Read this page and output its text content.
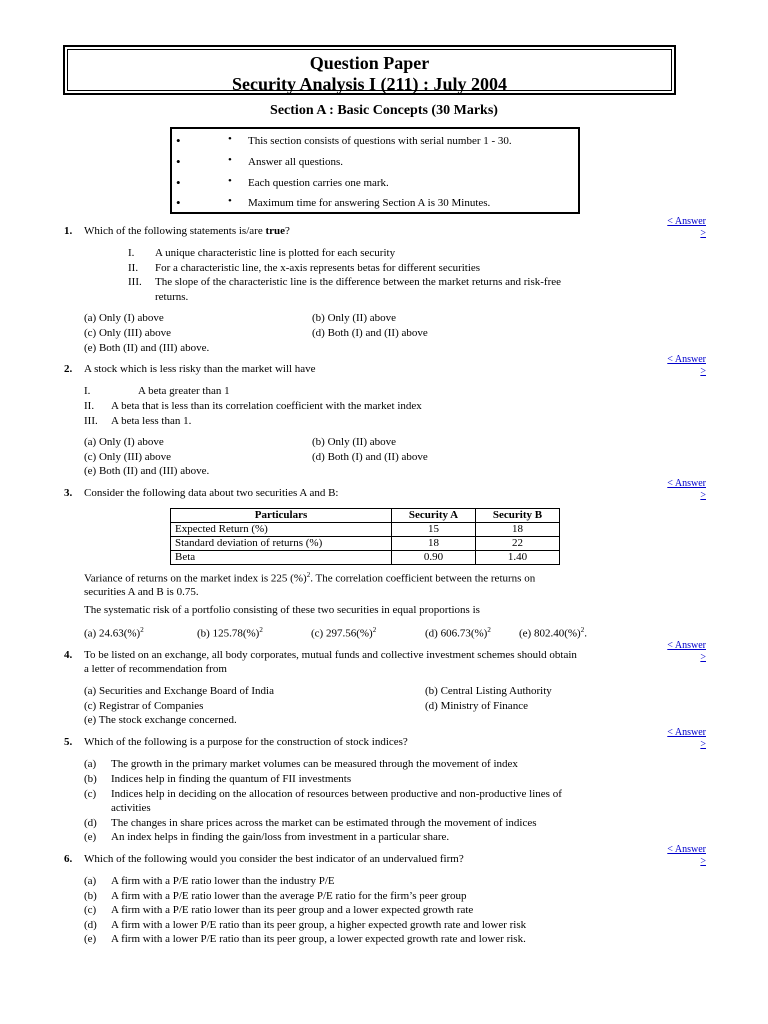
Question Paper
Security Analysis I (211) : July 2004
Section A : Basic Concepts (30 Marks)
•	• This section consists of questions with serial number 1 - 30.
•	• Answer all questions.
•	• Each question carries one mark.
•	• Maximum time for answering Section A is 30 Minutes.
< Answer
>
1. Which of the following statements is/are true?
I. A unique characteristic line is plotted for each security
II. For a characteristic line, the x-axis represents betas for different securities
III. The slope of the characteristic line is the difference between the market returns and risk-free
returns.
(a) Only (I) above	(b) Only (II) above
(c) Only (III) above	(d) Both (I) and (II) above
(e) Both (II) and (III) above.
< Answer
>
2. A stock which is less risky than the market will have
I.	A beta greater than 1
II. A beta that is less than its correlation coefficient with the market index
III. A beta less than 1.
(a) Only (I) above	(b) Only (II) above
(c) Only (III) above	(d) Both (I) and (II) above
(e) Both (II) and (III) above.
< Answer
>
3. Consider the following data about two securities A and B:
Particulars	Security A	Security B
Expected Return (%)	15	18
Standard deviation of returns (%)	18	22
Beta	0.90	1.40
Variance of returns on the market index is 225 (%)$^2$. The correlation coefficient between the returns on
securities A and B is 0.75.
The systematic risk of a portfolio consisting of these two securities in equal proportions is
(a) 24.63(%)$^2$	(b) 125.78(%)$^2$	(c) 297.56(%)$^2$	(d) 606.73(%)$^2$	(e) 802.40(%)$^2$.
< Answer
>
4. To be listed on an exchange, all body corporates, mutual funds and collective investment schemes should obtain
a letter of recommendation from
(a) Securities and Exchange Board of India	(b) Central Listing Authority
(c) Registrar of Companies	(d) Ministry of Finance
(e) The stock exchange concerned.
< Answer
>
5. Which of the following is a purpose for the construction of stock indices?
(a) The growth in the primary market volumes can be measured through the movement of index
(b) Indices help in finding the quantum of FII investments
(c) Indices help in deciding on the allocation of resources between productive and non-productive lines of
activities
(d) The changes in share prices across the market can be estimated through the movement of indices
(e) An index helps in finding the gain/loss from investment in a particular share.
< Answer
>
6. Which of the following would you consider the best indicator of an undervalued firm?
(a) A firm with a P/E ratio lower than the industry P/E
(b) A firm with a P/E ratio lower than the average P/E ratio for the firm’s peer group
(c) A firm with a P/E ratio lower than its peer group and a lower expected growth rate
(d) A firm with a lower P/E ratio than its peer group, a higher expected growth rate and lower risk
(e) A firm with a lower P/E ratio than its peer group, a lower expected growth rate and lower risk.
